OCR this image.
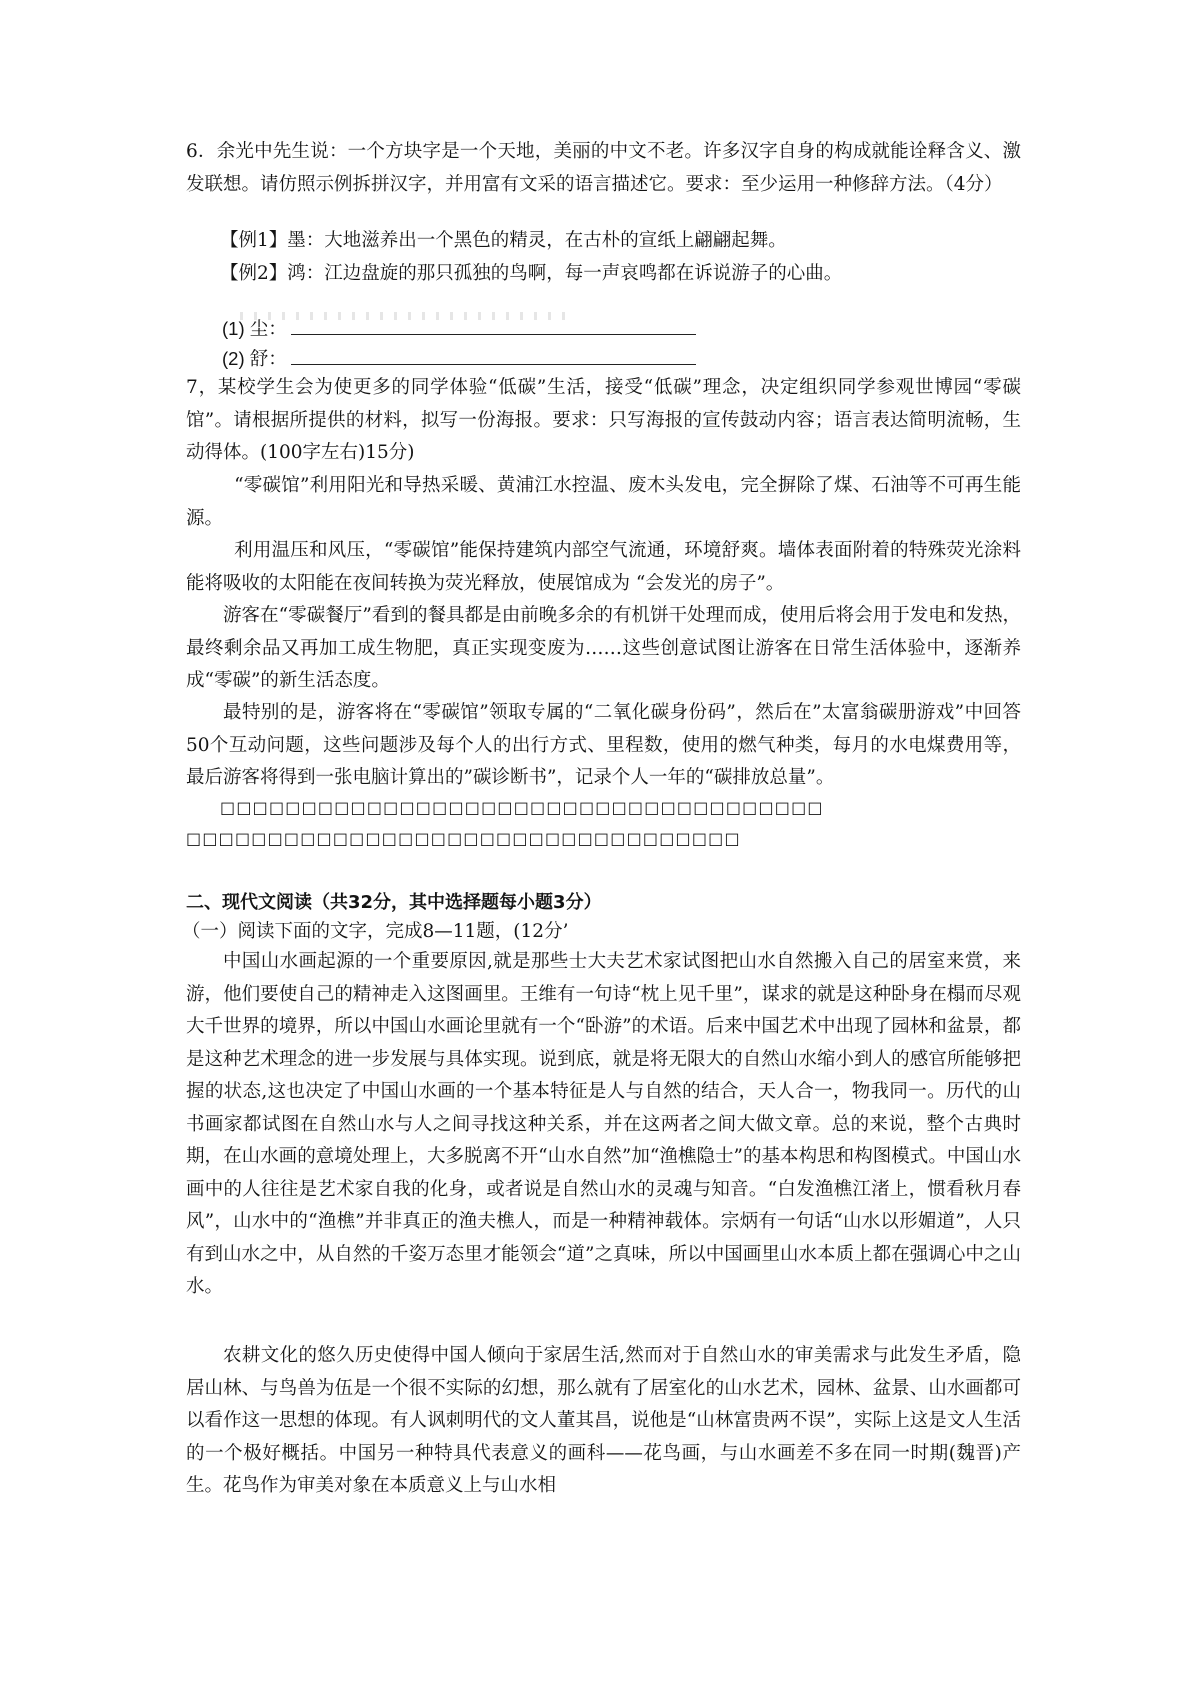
6．余光中先生说：一个方块字是一个天地，美丽的中文不老。许多汉字自身的构成就能诠释含义、激发联想。请仿照示例拆拼汉字，并用富有文采的语言描述它。要求：至少运用一种修辞方法。（4分）

【例1】墨：大地滋养出一个黑色的精灵，在古朴的宣纸上翩翩起舞。
【例2】鸿：江边盘旋的那只孤独的鸟啊，每一声哀鸣都在诉说游子的心曲。
(1) 尘：
(2) 舒：

7，某校学生会为使更多的同学体验“低碳”生活，接受“低碳”理念，决定组织同学参观世博园“零碳馆”。请根据所提供的材料，拟写一份海报。要求：只写海报的宣传鼓动内容；语言表达简明流畅，生动得体。(100字左右)15分)

“零碳馆”利用阳光和导热采暖、黄浦江水控温、废木头发电，完全摒除了煤、石油等不可再生能源。

利用温压和风压，“零碳馆”能保持建筑内部空气流通，环境舒爽。墙体表面附着的特殊荧光涂料能将吸收的太阳能在夜间转换为荧光释放，使展馆成为 “会发光的房子”。

游客在“零碳餐厅”看到的餐具都是由前晚多余的有机饼干处理而成，使用后将会用于发电和发热，最终剩余品又再加工成生物肥，真正实现变废为……这些创意试图让游客在日常生活体验中，逐渐养成“零碳”的新生活态度。

最特别的是，游客将在“零碳馆”领取专属的“二氧化碳身份码”，然后在”太富翁碳册游戏”中回答50个互动问题，这些问题涉及每个人的出行方式、里程数，使用的燃气种类，每月的水电煤费用等，最后游客将得到一张电脑计算出的”碳诊断书”，记录个人一年的“碳排放总量”。

□□□□□□□□□□□□□□□□□□□□□□□□□□□□□□□□□□□□□
□□□□□□□□□□□□□□□□□□□□□□□□□□□□□□□□□□
二、现代文阅读（共32分，其中选择题每小题3分）
（一）阅读下面的文字，完成8—11题，(12分’

中国山水画起源的一个重要原因,就是那些士大夫艺术家试图把山水自然搬入自己的居室来赏，来游，他们要使自己的精神走入这图画里。王维有一句诗“枕上见千里”，谋求的就是这种卧身在榻而尽观大千世界的境界，所以中国山水画论里就有一个“卧游”的术语。后来中国艺术中出现了园林和盆景，都是这种艺术理念的进一步发展与具体实现。说到底，就是将无限大的自然山水缩小到人的感官所能够把握的状态,这也决定了中国山水画的一个基本特征是人与自然的结合，天人合一，物我同一。历代的山书画家都试图在自然山水与人之间寻找这种关系，并在这两者之间大做文章。总的来说，整个古典时期，在山水画的意境处理上，大多脱离不开“山水自然”加“渔樵隐士”的基本构思和构图模式。中国山水画中的人往往是艺术家自我的化身，或者说是自然山水的灵魂与知音。“白发渔樵江渚上，惯看秋月春风”，山水中的“渔樵”并非真正的渔夫樵人，而是一种精神载体。宗炳有一句话“山水以形媚道”，人只有到山水之中，从自然的千姿万态里才能领会“道”之真味，所以中国画里山水本质上都在强调心中之山水。

农耕文化的悠久历史使得中国人倾向于家居生活,然而对于自然山水的审美需求与此发生矛盾，隐居山林、与鸟兽为伍是一个很不实际的幻想，那么就有了居室化的山水艺术，园林、盆景、山水画都可以看作这一思想的体现。有人讽刺明代的文人董其昌，说他是“山林富贵两不误”，实际上这是文人生活的一个极好概括。中国另一种特具代表意义的画科——花鸟画，与山水画差不多在同一时期(魏晋)产生。花鸟作为审美对象在本质意义上与山水相
